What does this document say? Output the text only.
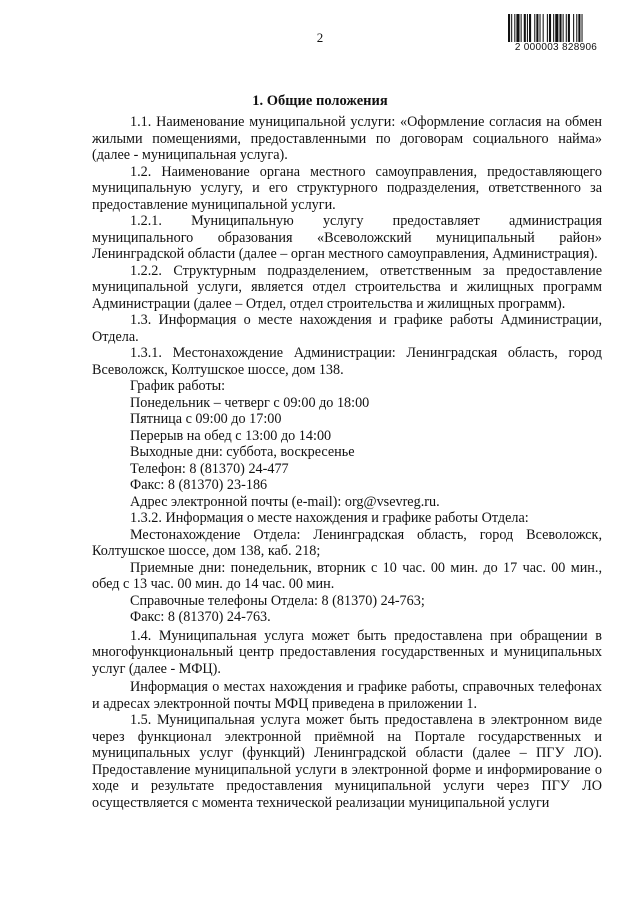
2
2 000003 828906
1. Общие положения

1.1. Наименование муниципальной услуги: «Оформление согласия на обмен жилыми помещениями, предоставленными по договорам социального найма» (далее - муниципальная услуга).

1.2. Наименование органа местного самоуправления, предоставляющего муниципальную услугу, и его структурного подразделения, ответственного за предоставление муниципальной услуги.

1.2.1. Муниципальную услугу предоставляет администрация муниципального образования «Всеволожский муниципальный район» Ленинградской области (далее – орган местного самоуправления, Администрация).

1.2.2. Структурным подразделением, ответственным за предоставление муниципальной услуги, является отдел строительства и жилищных программ Администрации (далее – Отдел, отдел строительства и жилищных программ).

1.3. Информация о месте нахождения и графике работы Администрации, Отдела.

1.3.1. Местонахождение Администрации: Ленинградская область, город Всеволожск, Колтушское шоссе, дом 138.

График работы:

Понедельник – четверг с 09:00 до 18:00

Пятница с 09:00 до 17:00

Перерыв на обед с 13:00 до 14:00

Выходные дни: суббота, воскресенье

Телефон: 8 (81370) 24-477

Факс: 8 (81370) 23-186

Адрес электронной почты (e-mail): org@vsevreg.ru.

1.3.2. Информация о месте нахождения и графике работы Отдела:

Местонахождение Отдела: Ленинградская область, город Всеволожск, Колтушское шоссе, дом 138, каб. 218;

Приемные дни: понедельник, вторник с 10 час. 00 мин. до 17 час. 00 мин., обед с 13 час. 00 мин. до 14 час. 00 мин.

Справочные телефоны Отдела: 8 (81370) 24-763;

Факс: 8 (81370) 24-763.

1.4. Муниципальная услуга может быть предоставлена при обращении в многофункциональный центр предоставления государственных и муниципальных услуг (далее - МФЦ).

Информация о местах нахождения и графике работы, справочных телефонах и адресах электронной почты МФЦ приведена в приложении 1.

1.5. Муниципальная услуга может быть предоставлена в электронном виде через функционал электронной приёмной на Портале государственных и муниципальных услуг (функций) Ленинградской области (далее – ПГУ ЛО). Предоставление муниципальной услуги в электронной форме и информирование о ходе и результате предоставления муниципальной услуги через ПГУ ЛО осуществляется с момента технической реализации муниципальной услуги
